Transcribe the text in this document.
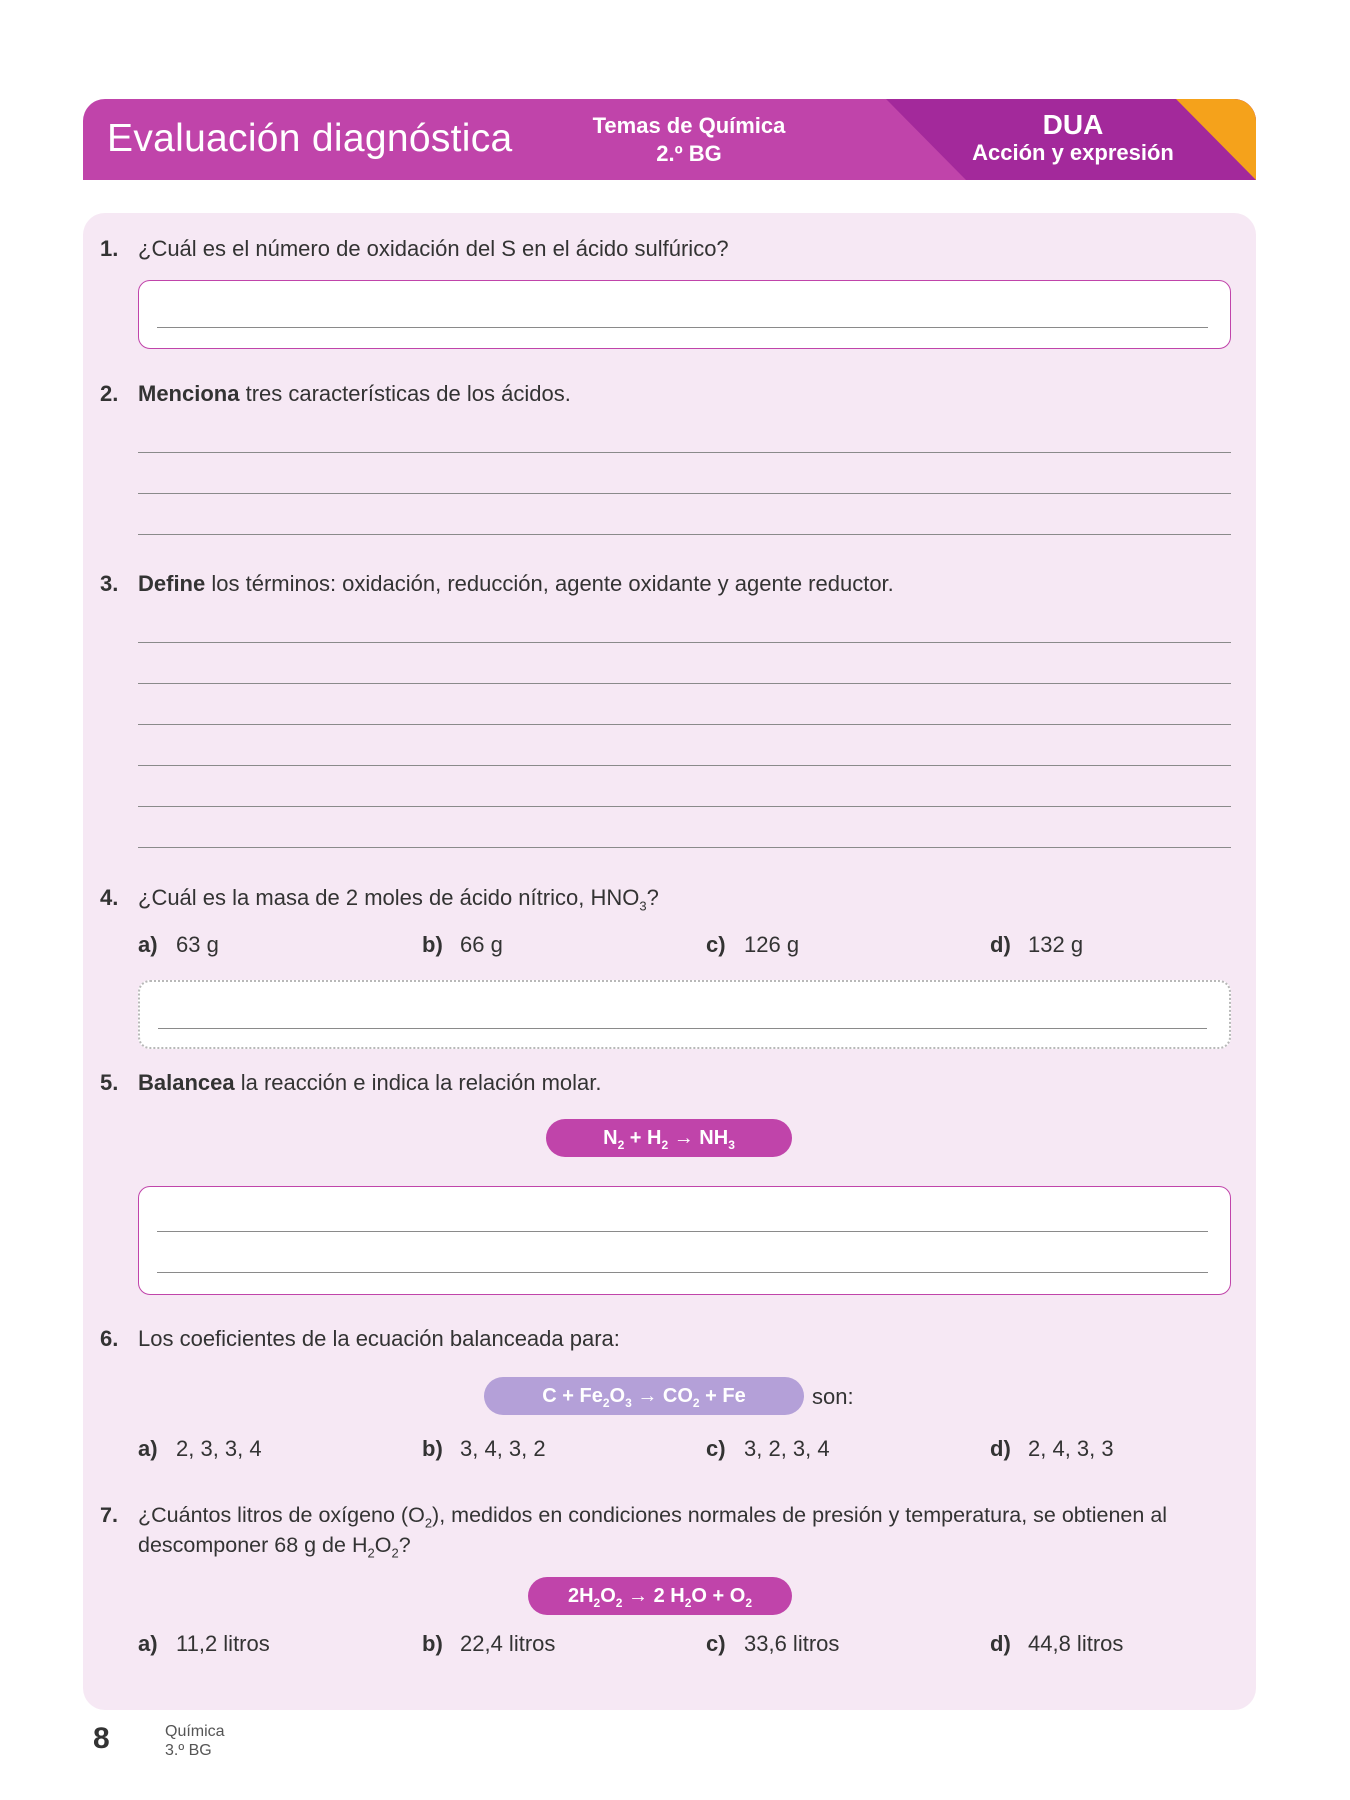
Evaluación diagnóstica	Temas de Química
2.º BG
DUA
Acción y expresión
1. ¿Cuál es el número de oxidación del S en el ácido sulfúrico?
2. Menciona tres características de los ácidos.
3. Define los términos: oxidación, reducción, agente oxidante y agente reductor.
4. ¿Cuál es la masa de 2 moles de ácido nítrico, $HNO_3$?
a) 63 g	b) 66 g	c) 126 g	d) 132 g
5. Balancea la reacción e indica la relación molar.
$N_2 + H_2 \to NH_3$
6. Los coeficientes de la ecuación balanceada para:
$C + Fe_2O_3 \to CO_2 + Fe$	son:
a) 2, 3, 3, 4	b) 3, 4, 3, 2	c) 3, 2, 3, 4	d) 2, 4, 3, 3
7. ¿Cuántos litros de oxígeno $(O_2)$, medidos en condiciones normales de presión y temperatura, se obtienen al
descomponer 68 g de $H_2O_2$?
$2H_2O_2 \to 2$ $H_2O + O_2$
a) 11,2 litros	b) 22,4 litros	c) 33,6 litros	d) 44,8 litros
8	Química
3.º BG
